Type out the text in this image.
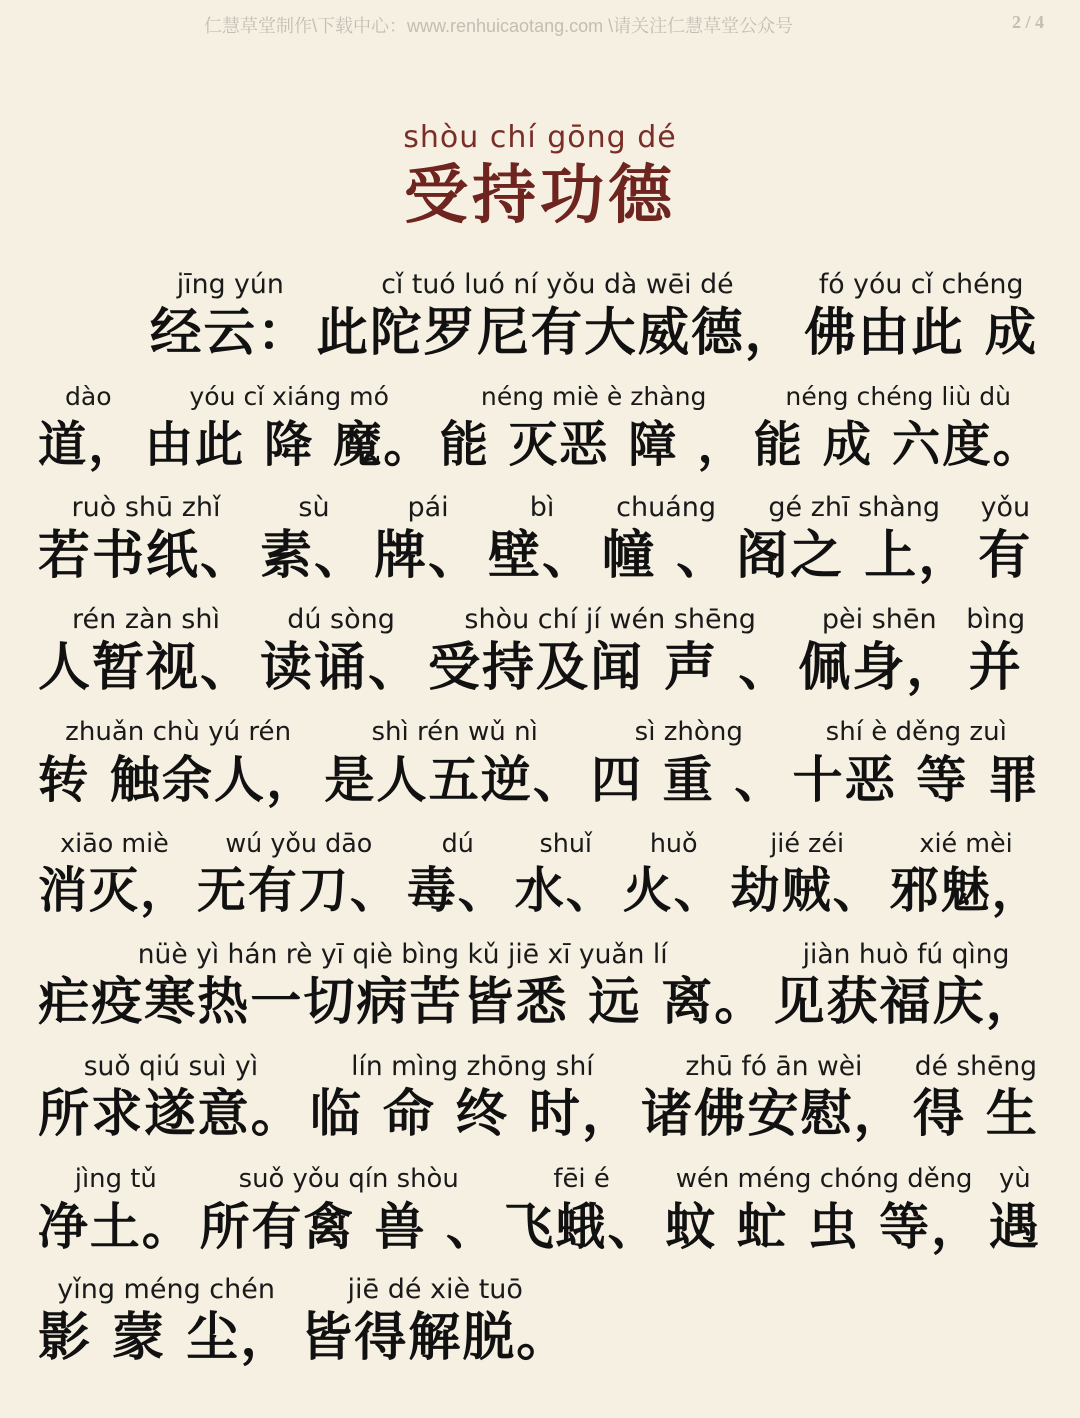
仁慧草堂制作\下载中心：www.renhuicaotang.com \请关注仁慧草堂公众号	2 / 4
shòu chí gōng dé
受持功德
jīng yún
经云：
cǐ tuó luó ní yǒu dà wēi dé
此陀罗尼有大威德，
fó yóu cǐ chéng
佛由此 成
dào
道，
yóu cǐ xiáng mó
由此 降 魔。
néng miè è zhàng
能 灭恶 障 ，
néng chéng liù dù
能 成 六度。
ruò shū zhǐ
若书纸、
sù
素、
pái
牌、
bì
壁、
chuáng
幢 、
gé zhī shàng
阁之 上，
yǒu
有
rén zàn shì
人暂视、
dú sòng
读诵、
shòu chí jí wén shēng
受持及闻 声 、
pèi shēn
佩身，
bìng
并
zhuǎn chù yú rén
转 触余人，
shì rén wǔ nì
是人五逆、
sì zhòng
四 重 、
shí è děng zuì
十恶 等 罪
xiāo miè
消灭，
wú yǒu dāo
无有刀、
dú
毒、
shuǐ
水、
huǒ
火、
jié zéi
劫贼、
xié mèi
邪魅，
nüè yì hán rè yī qiè bìng kǔ jiē xī yuǎn lí
疟疫寒热一切病苦皆悉 远 离。
jiàn huò fú qìng
见获福庆，
suǒ qiú suì yì
所求遂意。
lín mìng zhōng shí
临 命 终 时，
zhū fó ān wèi
诸佛安慰，
dé shēng
得 生
jìng tǔ
净土。
suǒ yǒu qín shòu
所有禽 兽 、
fēi é
飞蛾、
wén méng chóng děng
蚊 虻 虫 等，
yù
遇
yǐng méng chén
影 蒙 尘，
jiē dé xiè tuō
皆得解脱。
